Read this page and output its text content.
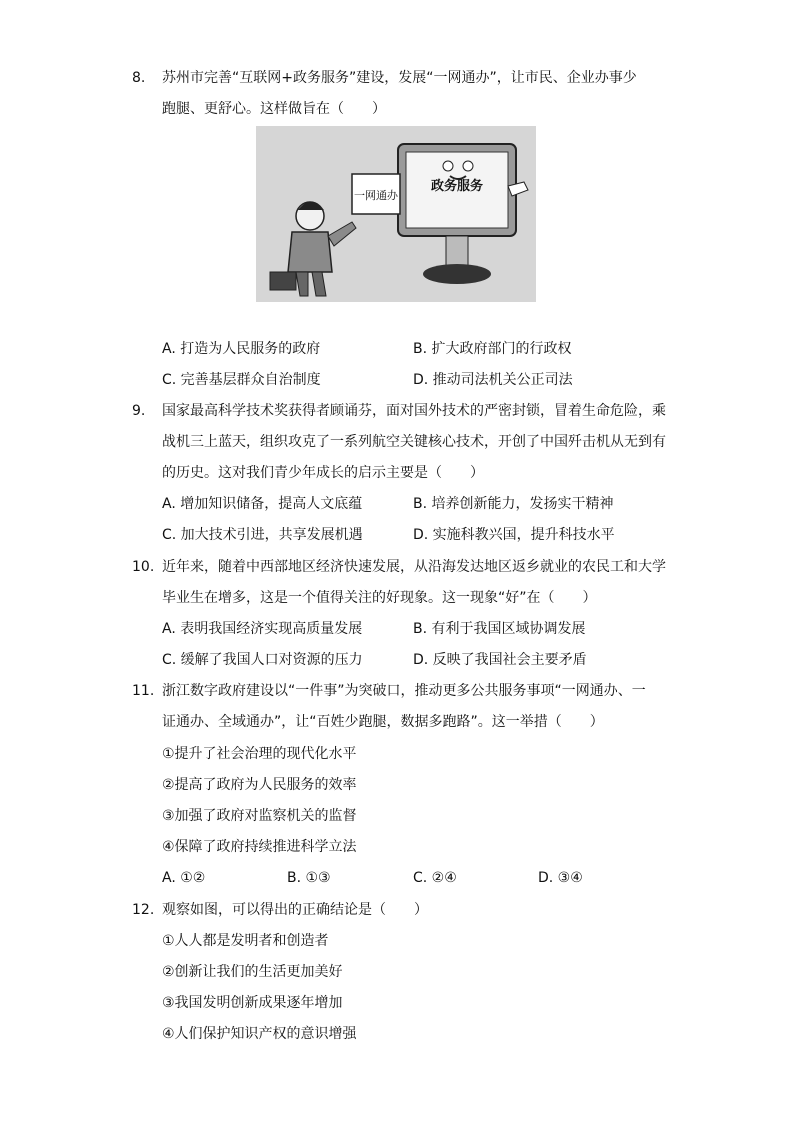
8.	苏州市完善“互联网+政务服务”建设，发展“一网通办”，让市民、企业办事少
跑腿、更舒心。这样做旨在（　　）
政务服务
一网通办
A. 打造为人民服务的政府	B. 扩大政府部门的行政权
C. 完善基层群众自治制度	D. 推动司法机关公正司法
9.	国家最高科学技术奖获得者顾诵芬，面对国外技术的严密封锁，冒着生命危险，乘
战机三上蓝天，组织攻克了一系列航空关键核心技术，开创了中国歼击机从无到有
的历史。这对我们青少年成长的启示主要是（　　）
A. 增加知识储备，提高人文底蕴	B. 培养创新能力，发扬实干精神
C. 加大技术引进，共享发展机遇	D. 实施科教兴国，提升科技水平
10. 近年来，随着中西部地区经济快速发展，从沿海发达地区返乡就业的农民工和大学
毕业生在增多，这是一个值得关注的好现象。这一现象“好”在（　　）
A. 表明我国经济实现高质量发展	B. 有利于我国区域协调发展
C. 缓解了我国人口对资源的压力	D. 反映了我国社会主要矛盾
11. 浙江数字政府建设以“一件事”为突破口，推动更多公共服务事项“一网通办、一
证通办、全域通办”，让“百姓少跑腿，数据多跑路”。这一举措（　　）
①提升了社会治理的现代化水平
②提高了政府为人民服务的效率
③加强了政府对监察机关的监督
④保障了政府持续推进科学立法
A. ①②	B. ①③	C. ②④	D. ③④
12. 观察如图，可以得出的正确结论是（　　）
①人人都是发明者和创造者
②创新让我们的生活更加美好
③我国发明创新成果逐年增加
④人们保护知识产权的意识增强
